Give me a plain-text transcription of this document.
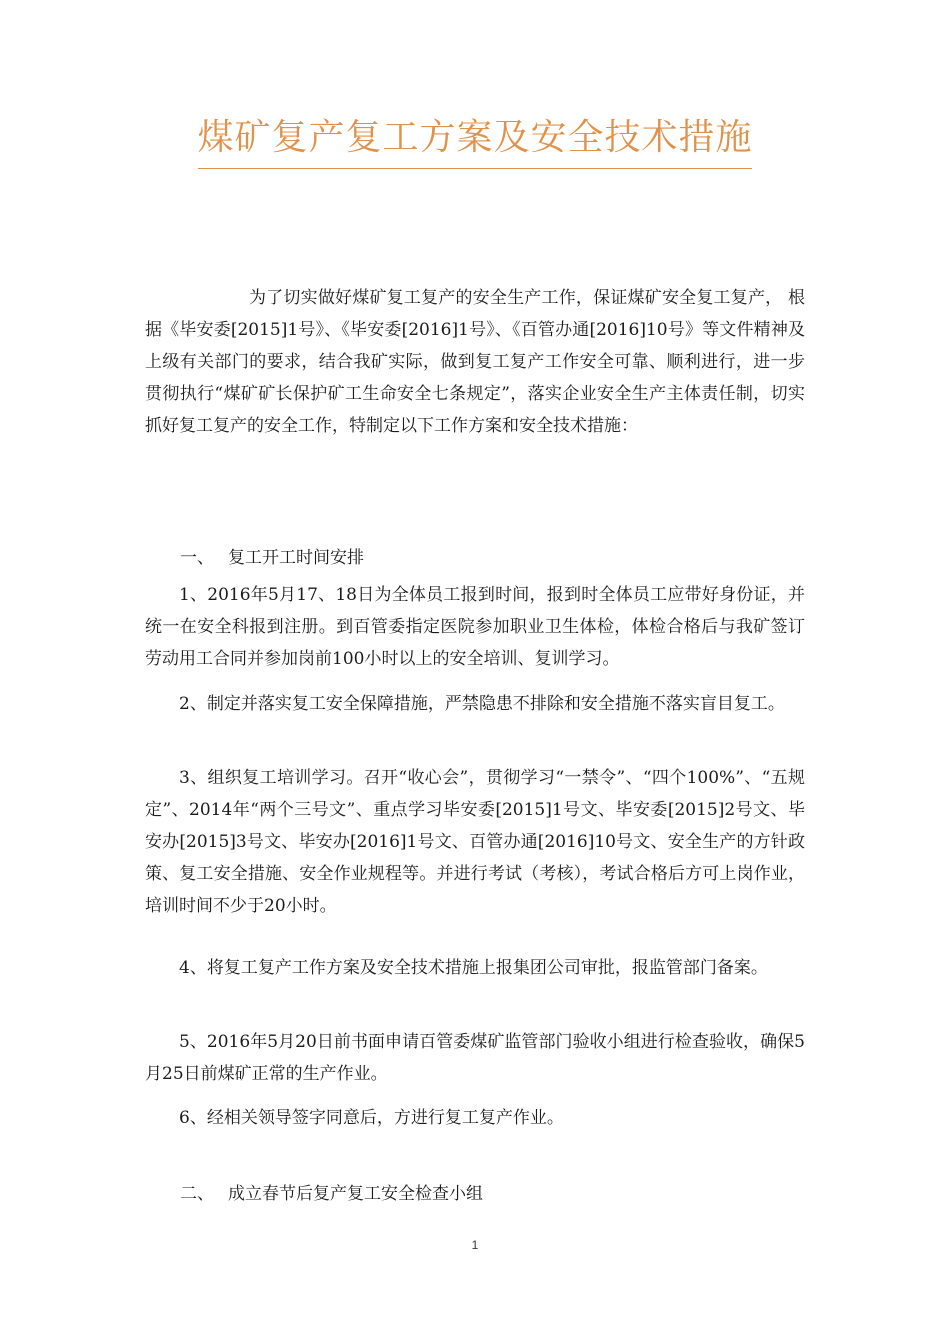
煤矿复产复工方案及安全技术措施

为了切实做好煤矿复工复产的安全生产工作，保证煤矿安全复工复产， 根据《毕安委[2015]1号》、《毕安委[2016]1号》、《百管办通[2016]10号》等文件精神及上级有关部门的要求，结合我矿实际，做到复工复产工作安全可靠、顺利进行，进一步贯彻执行“煤矿矿长保护矿工生命安全七条规定”，落实企业安全生产主体责任制，切实抓好复工复产的安全工作，特制定以下工作方案和安全技术措施：

一、 复工开工时间安排

1、2016年5月17、18日为全体员工报到时间，报到时全体员工应带好身份证，并统一在安全科报到注册。到百管委指定医院参加职业卫生体检，体检合格后与我矿签订劳动用工合同并参加岗前100小时以上的安全培训、复训学习。

2、制定并落实复工安全保障措施，严禁隐患不排除和安全措施不落实盲目复工。

3、组织复工培训学习。召开“收心会”，贯彻学习“一禁令”、“四个100%”、“五规定”、2014年“两个三号文”、重点学习毕安委[2015]1号文、毕安委[2015]2号文、毕安办[2015]3号文、毕安办[2016]1号文、百管办通[2016]10号文、安全生产的方针政策、复工安全措施、安全作业规程等。并进行考试（考核），考试合格后方可上岗作业，培训时间不少于20小时。

4、将复工复产工作方案及安全技术措施上报集团公司审批，报监管部门备案。

5、2016年5月20日前书面申请百管委煤矿监管部门验收小组进行检查验收，确保5月25日前煤矿正常的生产作业。

6、经相关领导签字同意后，方进行复工复产作业。

二、 成立春节后复产复工安全检查小组
1
